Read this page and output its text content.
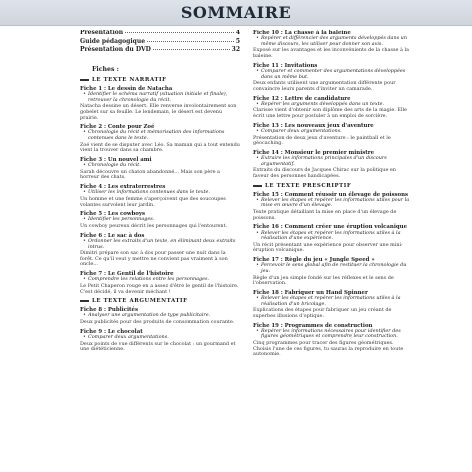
SOMMAIRE
Présentation	4
Guide pédagogique	5
Présentation du DVD	32
Fiches :
LE TEXTE NARRATIF
Fiche 1 : Le dessin de Natacha
• Identifier le schéma narratif (situation initiale et finale), retrouver la chronologie du récit.
Natacha dessine un désert. Elle renverse involontairement son gobelet sur sa feuille. Le lendemain, le désert est devenu prairie.
Fiche 2 : Conte pour Zoé
• Chronologie du récit et mémorisation des informations contenues dans le texte.
Zoé vient de se disputer avec Léo. Sa maman qui a tout entendu vient la trouver dans sa chambre.
Fiche 3 : Un nouvel ami
• Chronologie du récit.
Sarah découvre un chaton abandonné... Mais son père a horreur des chats.
Fiche 4 : Les extraterrestres
• Utiliser les informations contenues dans le texte.
Un homme et une femme s'aperçoivent que des soucoupes volantes survolent leur jardin.
Fiche 5 : Les cowboys
• Identifier les personnages.
Un cowboy peureux décrit les personnages qui l'entourent.
Fiche 6 : Le sac à dos
• Ordonner les extraits d'un texte, en éliminant deux extraits intrus.
Dimitri prépare son sac à dos pour passer une nuit dans la forêt. Ce qu'il veut y mettre ne convient pas vraiment à son oncle...
Fiche 7 : Le Gentil de l'histoire
• Comprendre les relations entre les personnages.
Le Petit Chaperon rouge en a assez d'être le gentil de l'histoire. C'est décidé, il va devenir méchant !
LE TEXTE ARGUMENTATIF
Fiche 8 : Publicités
• Analyser une argumentation de type publicitaire.
Deux publicités pour des produits de consommation courante.
Fiche 9 : Le chocolat
• Comparer deux argumentations.
Deux points de vue différents sur le chocolat : un gourmand et une diététicienne.
Fiche 10 : La chasse à la baleine
• Repérer et différencier des arguments développés dans un même discours, les utiliser pour donner son avis.
Exposé sur les avantages et les inconvénients de la chasse à la baleine.
Fiche 11 : Invitations
• Comparer et commenter des argumentations développées dans un même but.
Deux enfants utilisent une argumentation différente pour convaincre leurs parents d'inviter un camarade.
Fiche 12 : Lettre de candidature
• Repérer les arguments développés dans un texte.
Clarisse vient d'obtenir son diplôme des arts de la magie. Elle écrit une lettre pour postuler à un emploi de sorcière.
Fiche 13 : Les nouveaux jeux d'aventure
• Comparer deux argumentations.
Présentation de deux jeux d'aventure : le paintball et le géocaching.
Fiche 14 : Monsieur le premier ministre
• Extraire les informations principales d'un discours argumentatif.
Extraits du discours de Jacques Chirac sur la politique en faveur des personnes handicapées.
LE TEXTE PRESCRIPTIF
Fiche 15 : Comment réussir un élevage de poissons
• Relever les étapes et repérer les informations utiles pour la mise en œuvre d'un élevage.
Texte pratique détaillant la mise en place d'un élevage de poissons.
Fiche 16 : Comment créer une éruption volcanique
• Relever les étapes et repérer les informations utiles à la réalisation d'une expérience.
Un récit présentant une expérience pour observer une mini-éruption volcanique.
Fiche 17 : Règle du jeu « Jungle Speed »
• Percevoir le sens global afin de restituer la chronologie du jeu.
Règle d'un jeu simple fondé sur les réflexes et le sens de l'observation.
Fiche 18 : Fabriquer un Hand Spinner
• Relever les étapes et repérer les informations utiles à la réalisation d'un bricolage.
Explications des étapes pour fabriquer un jeu créant de superbes illusions d'optique.
Fiche 19 : Programmes de construction
• Repérer les informations nécessaires pour identifier des figures géométriques et comprendre leur construction.
Cinq programmes pour tracer des figures géométriques. Choisis l'une de ces figures, tu sauras la reproduire en toute autonomie.
